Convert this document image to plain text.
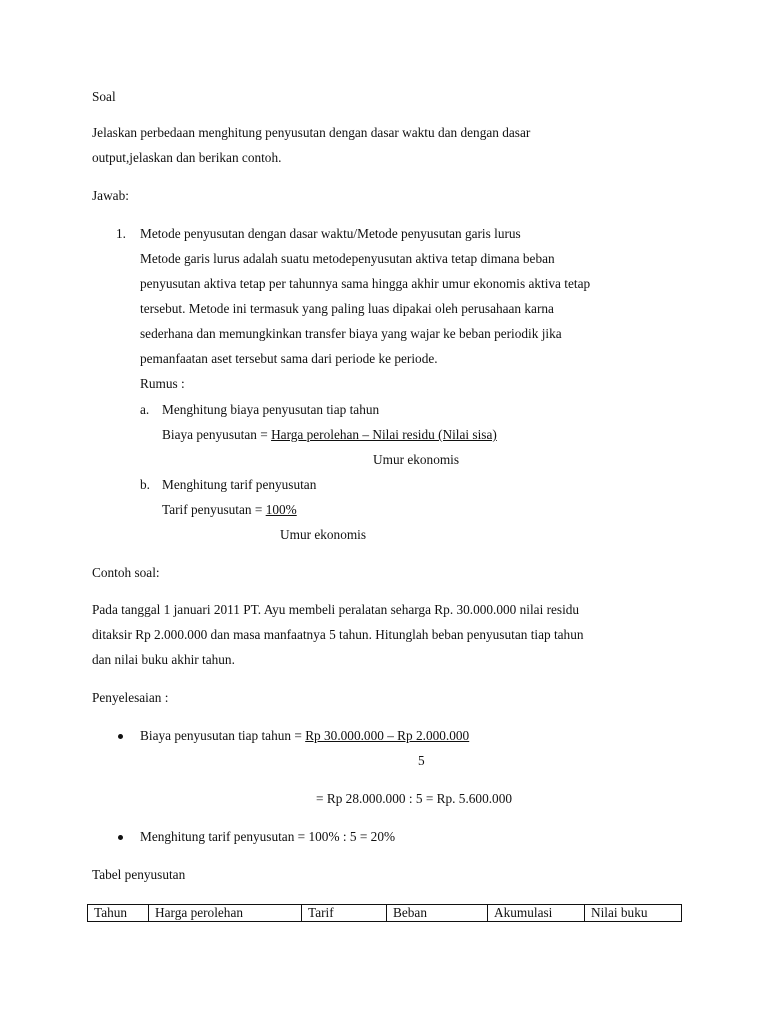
Soal
Jelaskan perbedaan menghitung penyusutan dengan dasar waktu dan dengan dasar
output,jelaskan dan berikan contoh.
Jawab:
1. Metode penyusutan dengan dasar waktu/Metode penyusutan garis lurus
Metode garis lurus adalah suatu metodepenyusutan aktiva tetap dimana beban
penyusutan aktiva tetap per tahunnya sama hingga akhir umur ekonomis aktiva tetap
tersebut. Metode ini termasuk yang paling luas dipakai oleh perusahaan karna
sederhana dan memungkinkan transfer biaya yang wajar ke beban periodik jika
pemanfaatan aset tersebut sama dari periode ke periode.
Rumus :
a. Menghitung biaya penyusutan tiap tahun
Biaya penyusutan = Harga perolehan – Nilai residu (Nilai sisa)
Umur ekonomis
b. Menghitung tarif penyusutan
Tarif penyusutan = 100%
Umur ekonomis
Contoh soal:
Pada tanggal 1 januari 2011 PT. Ayu membeli peralatan seharga Rp. 30.000.000 nilai residu
ditaksir Rp 2.000.000 dan masa manfaatnya 5 tahun. Hitunglah beban penyusutan tiap tahun
dan nilai buku akhir tahun.
Penyelesaian :
Biaya penyusutan tiap tahun = Rp 30.000.000 – Rp 2.000.000
5
= Rp 28.000.000 : 5 = Rp. 5.600.000
Menghitung tarif penyusutan = 100% : 5 = 20%
Tabel penyusutan
Tahun	Harga perolehan	Tarif	Beban	Akumulasi	Nilai buku
